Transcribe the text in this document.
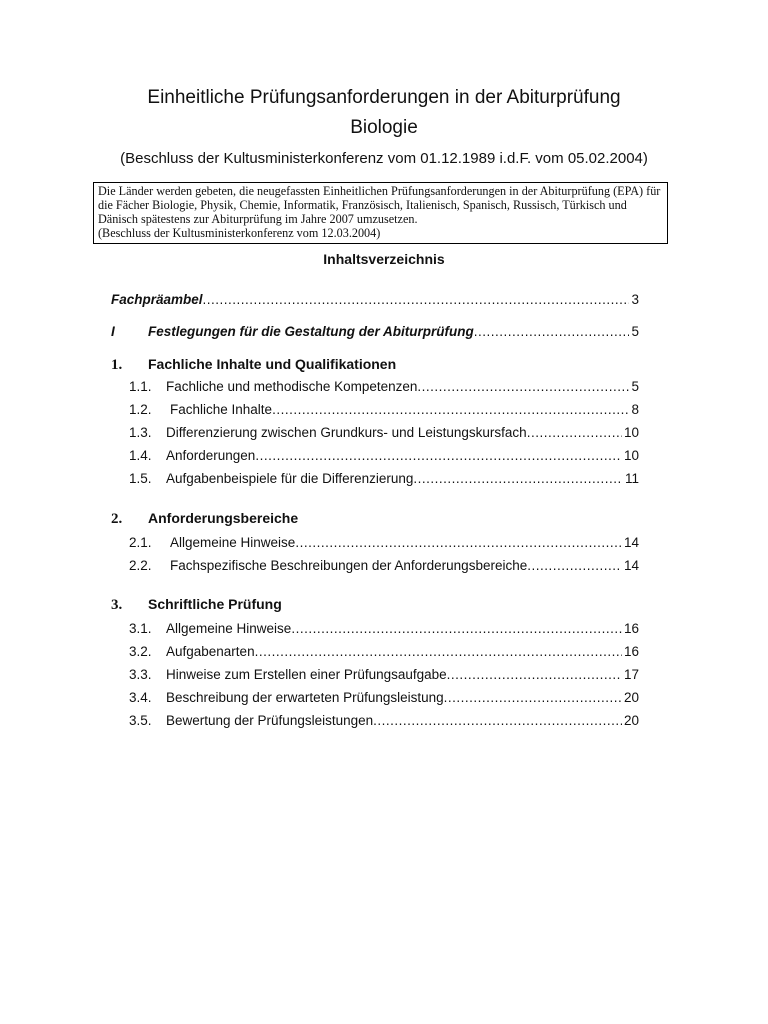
Einheitliche Prüfungsanforderungen in der Abiturprüfung
Biologie
(Beschluss der Kultusministerkonferenz vom 01.12.1989 i.d.F. vom 05.02.2004)
Die Länder werden gebeten, die neugefassten Einheitlichen Prüfungsanforderungen in der Abiturprüfung (EPA) für die Fächer Biologie, Physik, Chemie, Informatik, Französisch, Italienisch, Spanisch, Russisch, Türkisch und Dänisch spätestens zur Abiturprüfung im Jahre 2007 umzusetzen.
(Beschluss der Kultusministerkonferenz vom 12.03.2004)
Inhaltsverzeichnis
Fachpräambel .....	3
I	Festlegungen für die Gestaltung der Abiturprüfung .....	5
1.	Fachliche Inhalte und Qualifikationen
1.1.	Fachliche und methodische Kompetenzen .....	5
1.2.	Fachliche Inhalte .....	8
1.3.	Differenzierung zwischen Grundkurs- und Leistungskursfach .....	10
1.4.	Anforderungen .....	10
1.5.	Aufgabenbeispiele für die Differenzierung .....	11
2.	Anforderungsbereiche
2.1.	Allgemeine Hinweise .....	14
2.2.	Fachspezifische Beschreibungen der Anforderungsbereiche .....	14
3.	Schriftliche Prüfung
3.1.	Allgemeine Hinweise .....	16
3.2.	Aufgabenarten .....	16
3.3.	Hinweise zum Erstellen einer Prüfungsaufgabe .....	17
3.4.	Beschreibung der erwarteten Prüfungsleistung .....	20
3.5.	Bewertung der Prüfungsleistungen .....	20
